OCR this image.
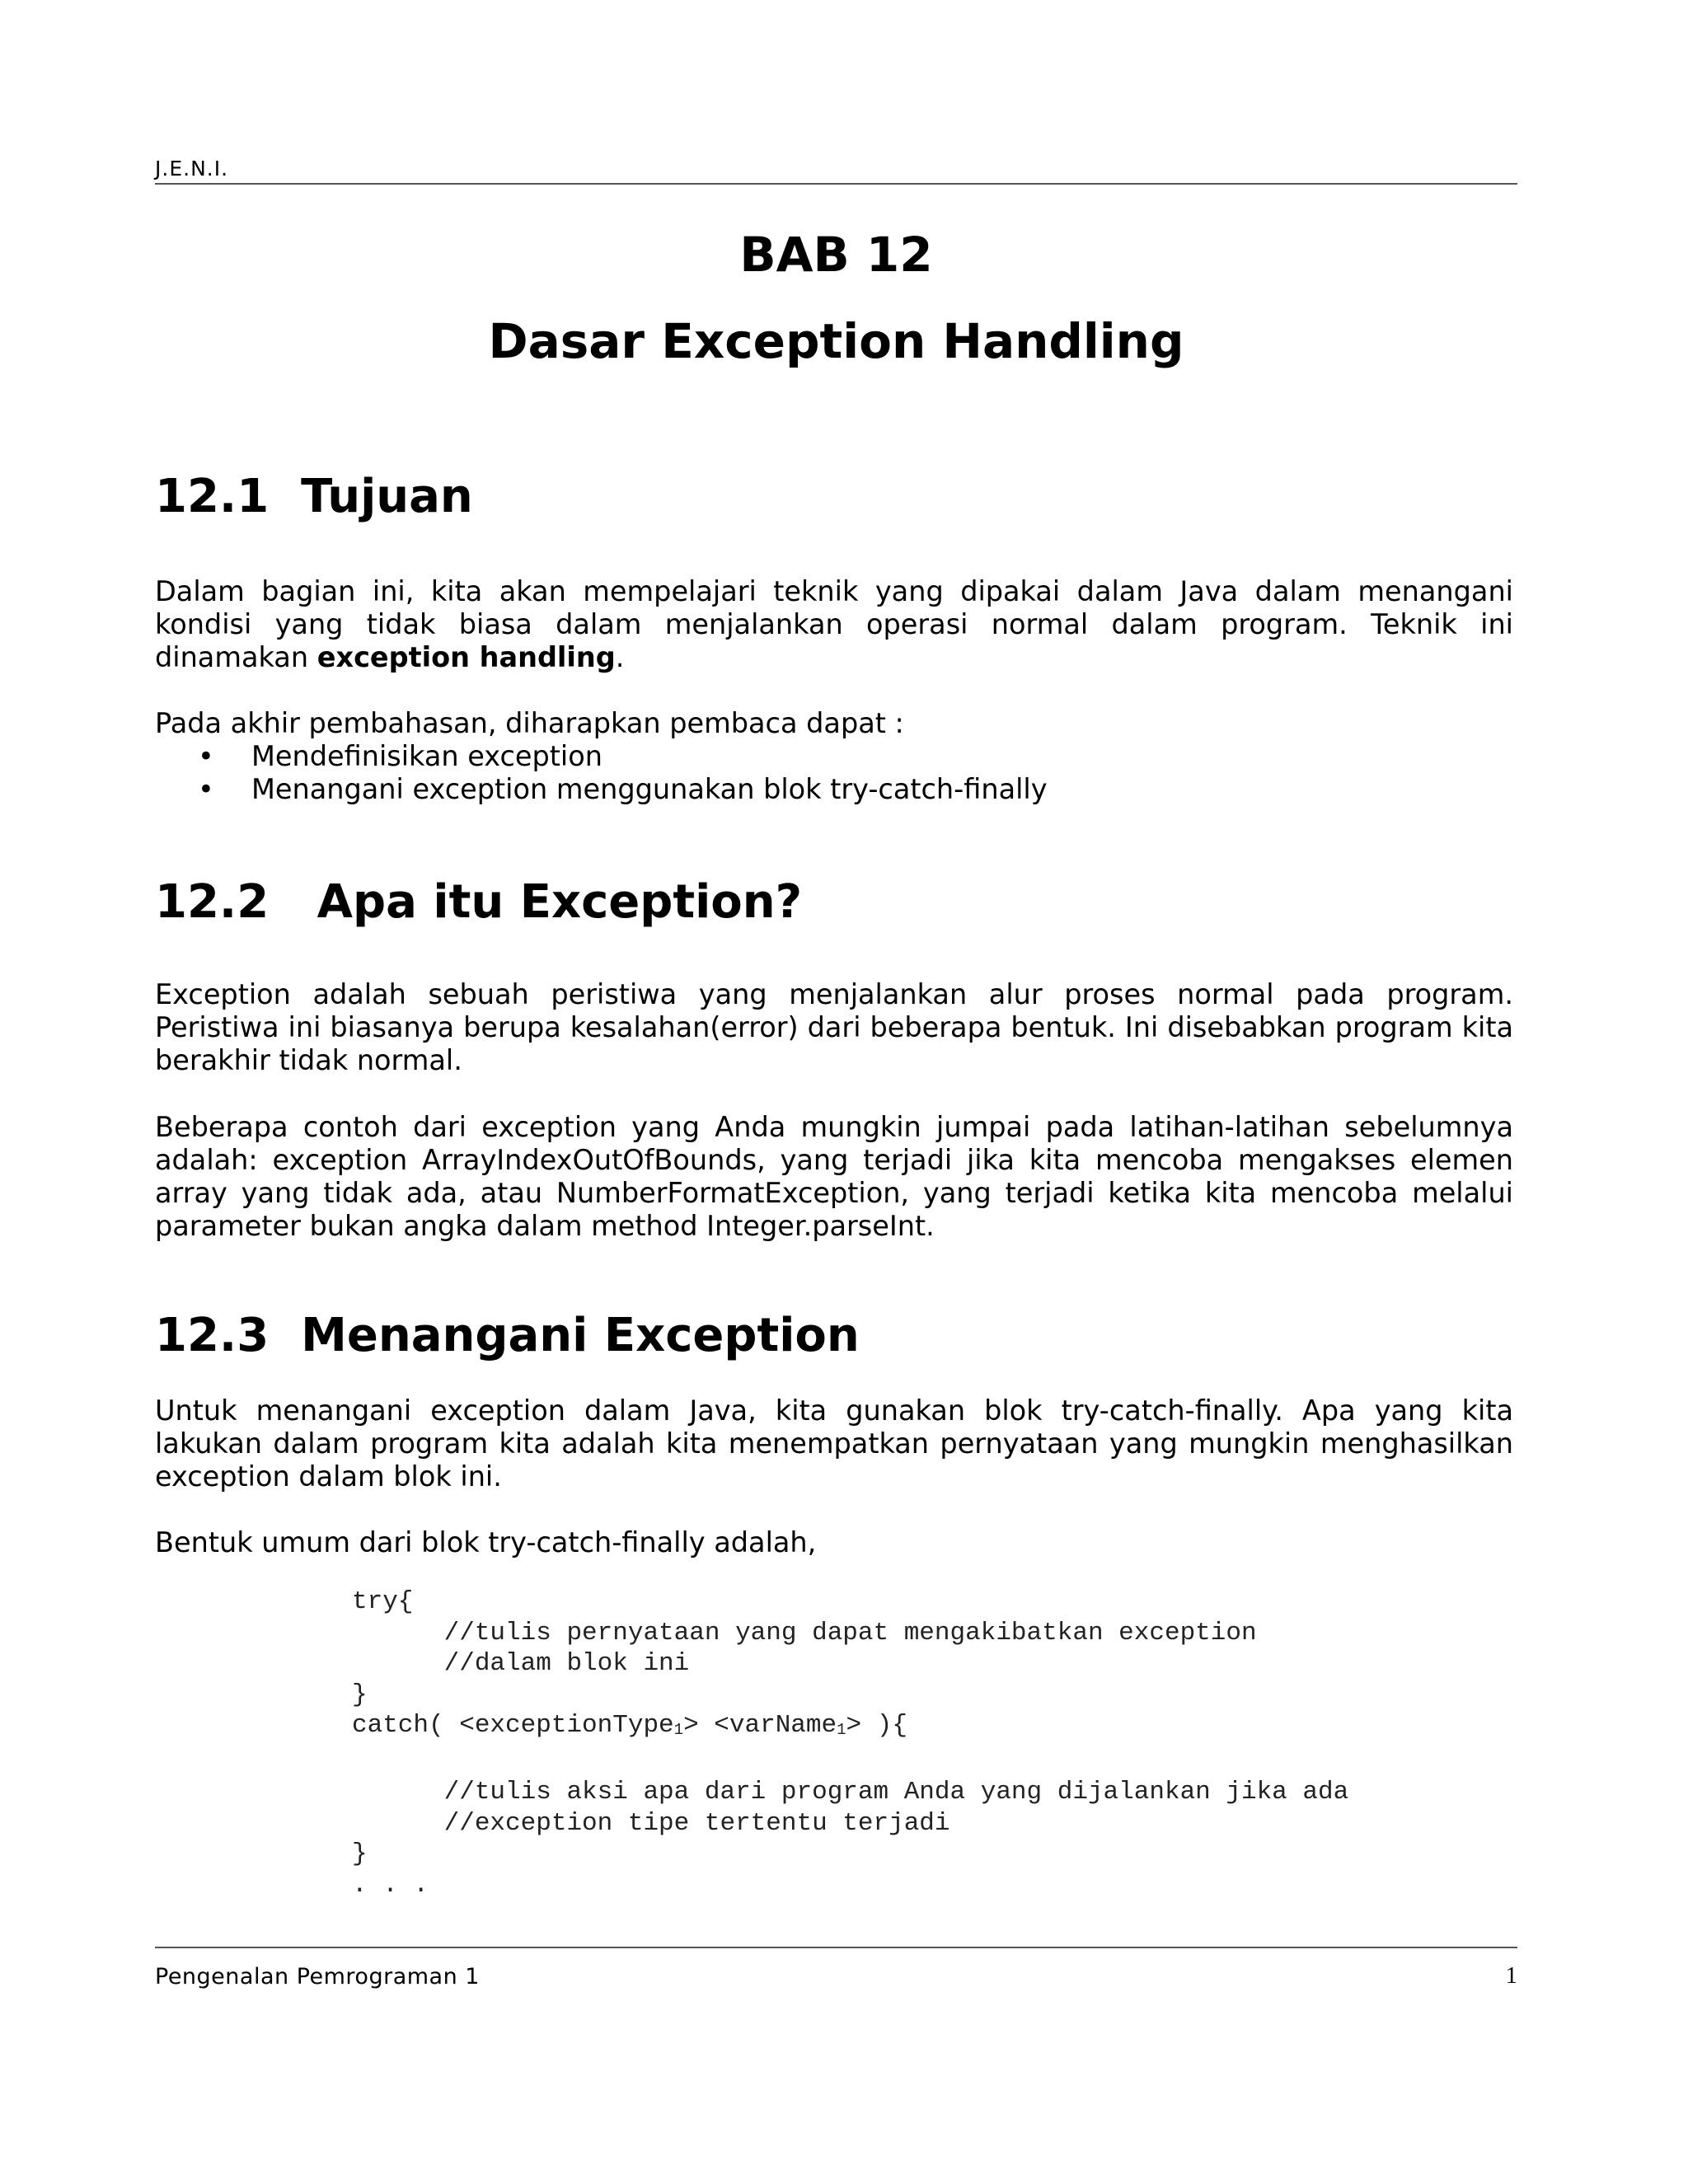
J.E.N.I.
BAB 12
Dasar Exception Handling
12.1  Tujuan
Dalam bagian ini, kita akan mempelajari teknik yang dipakai dalam Java dalam menangani kondisi yang tidak biasa dalam menjalankan operasi normal dalam program. Teknik ini dinamakan exception handling.
Pada akhir pembahasan, diharapkan pembaca dapat :
• Mendefinisikan exception
• Menangani exception menggunakan blok try-catch-finally
12.2   Apa itu Exception?
Exception adalah sebuah peristiwa yang menjalankan alur proses normal pada program. Peristiwa ini biasanya berupa kesalahan(error) dari beberapa bentuk. Ini disebabkan program kita berakhir tidak normal.
Beberapa contoh dari exception yang Anda mungkin jumpai pada latihan-latihan sebelumnya adalah: exception ArrayIndexOutOfBounds, yang terjadi jika kita mencoba mengakses elemen array yang tidak ada, atau NumberFormatException, yang terjadi ketika kita mencoba melalui parameter bukan angka dalam method Integer.parseInt.
12.3  Menangani Exception
Untuk menangani exception dalam Java, kita gunakan blok try-catch-finally. Apa yang kita lakukan dalam program kita adalah kita menempatkan pernyataan yang mungkin menghasilkan exception dalam blok ini.
Bentuk umum dari blok try-catch-finally adalah,
try{
//tulis pernyataan yang dapat mengakibatkan exception
//dalam blok ini
}
catch( <exceptionType$_1$> <varName$_1$> ){

//tulis aksi apa dari program Anda yang dijalankan jika ada
//exception tipe tertentu terjadi
}
. . .
Pengenalan Pemrograman 1	1
